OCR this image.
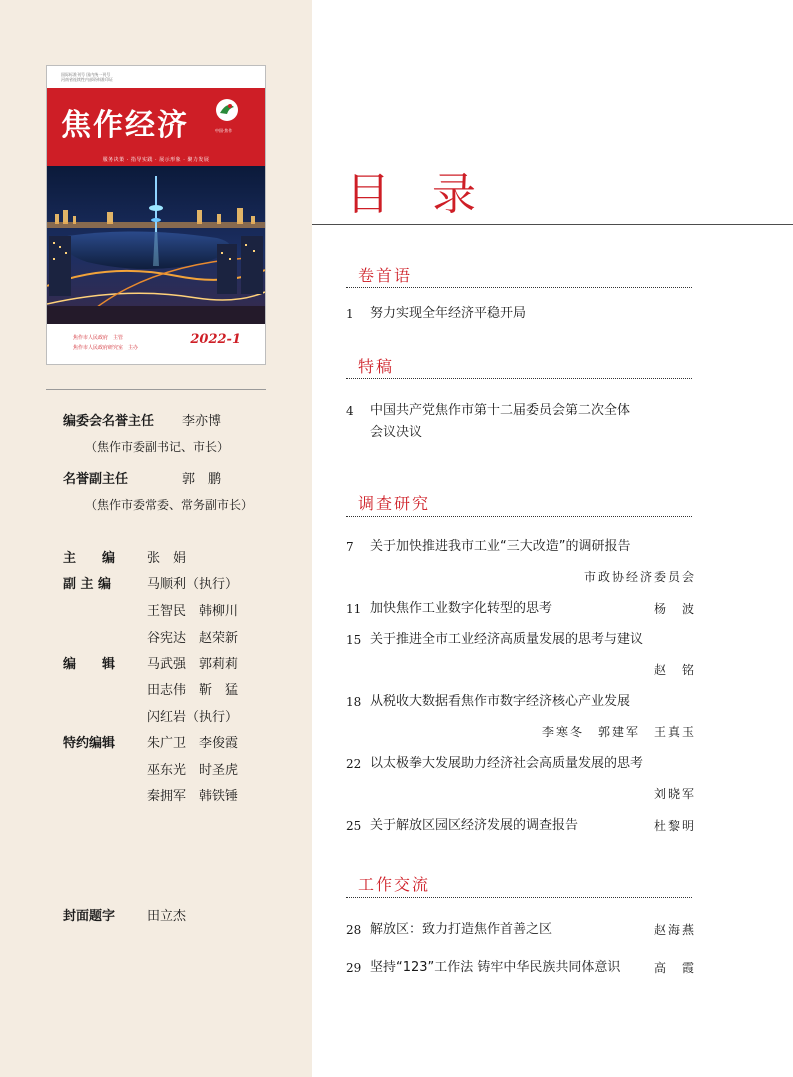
国际标准刊号 国内统一刊号
河南省连续性内部资料准印证
焦作经济	中国·焦作
服务决策 · 指导实践 · 展示形象 · 聚力发展
焦作市人民政府　主管
焦作市人民政府研究室　主办
2022-1
编委会名誉主任 李亦博
（焦作市委副书记、市长）
名誉副主任	郭　鹏
（焦作市委常委、常务副市长）
主　　编 张　娟
副 主 编	马顺利（执行）
王智民　韩柳川
谷宪达　赵荣新
编　　辑 马武强　郭莉莉
田志伟　靳　猛
闪红岩（执行）
特约编辑 朱广卫　李俊霞
巫东光　时圣虎
秦拥军　韩铁锤
封面题字 田立杰
目 录
卷首语
1 努力实现全年经济平稳开局
特稿
4 中国共产党焦作市第十二届委员会第二次全体
会议决议
调查研究
7 关于加快推进我市工业“三大改造”的调研报告
市政协经济委员会
11 加快焦作工业数字化转型的思考	杨　波
15 关于推进全市工业经济高质量发展的思考与建议
赵　铭
18 从税收大数据看焦作市数字经济核心产业发展
李寒冬　郭建军　王真玉
22 以太极拳大发展助力经济社会高质量发展的思考
刘晓军
25 关于解放区园区经济发展的调查报告	杜黎明
工作交流
28 解放区：致力打造焦作首善之区	赵海燕
29 坚持“123”工作法 铸牢中华民族共同体意识	高　霞
